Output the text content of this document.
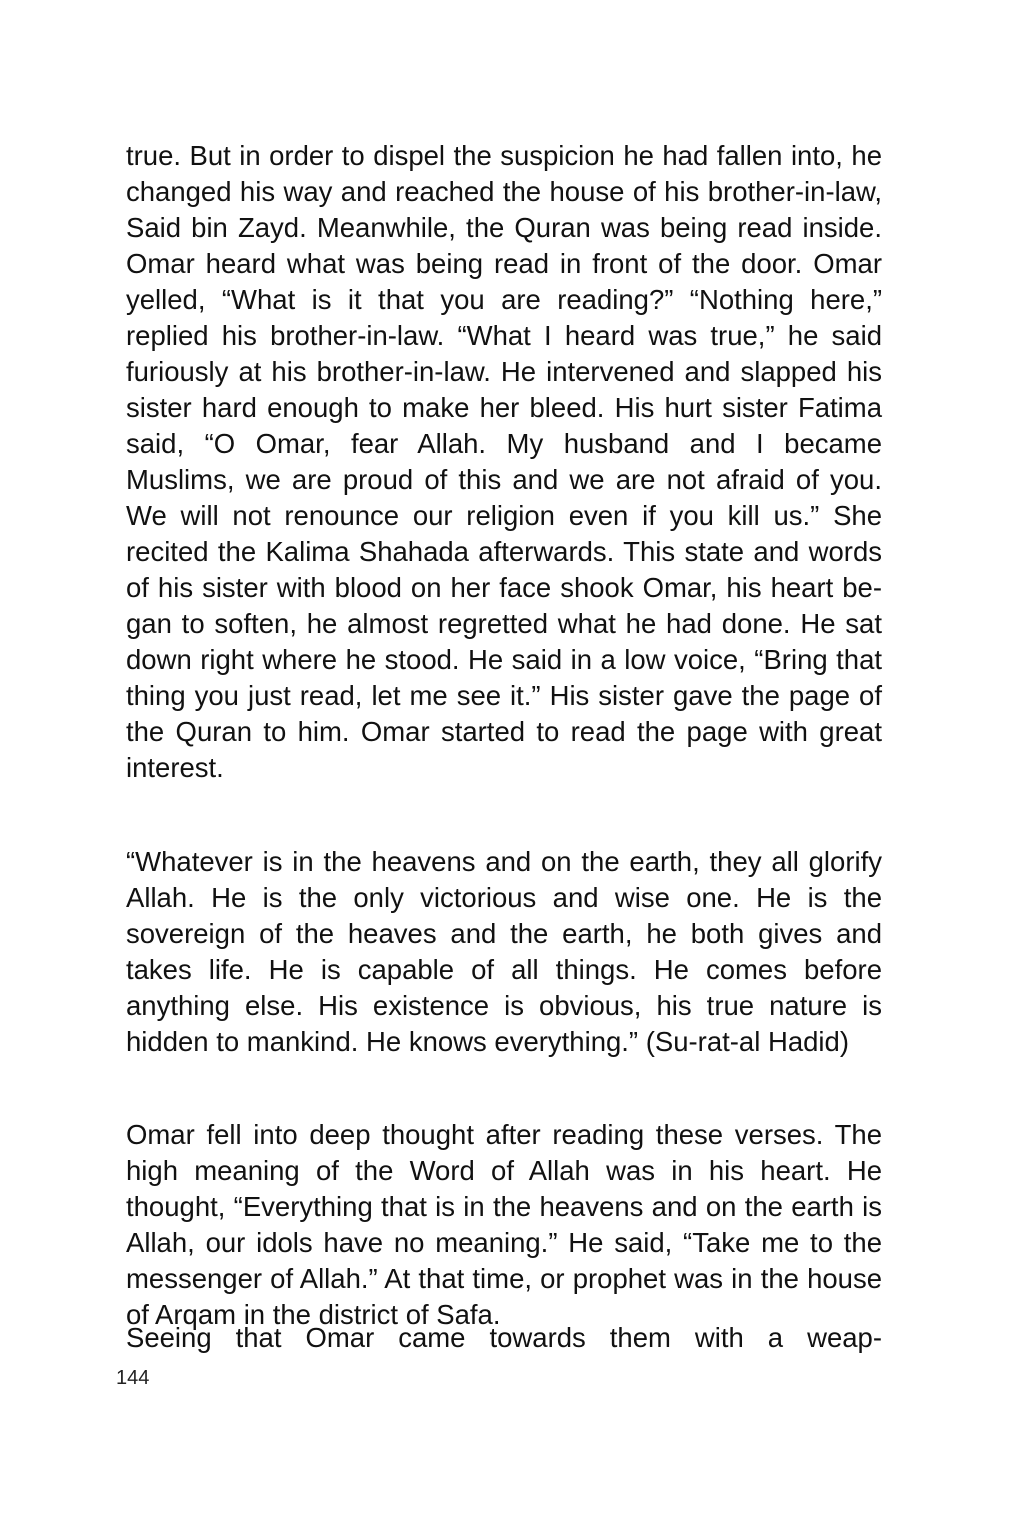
true. But in order to dispel the suspicion he had fallen into, he changed his way and reached the house of his brother-in-law, Said bin Zayd. Meanwhile, the Quran was being read inside. Omar heard what was being read in front of the door. Omar yelled, “What is it that you are reading?” “Nothing here,” replied his brother-in-law. “What I heard was true,” he said furiously at his brother-in-law. He intervened and slapped his sister hard enough to make her bleed. His hurt sister Fatima said, “O Omar, fear Allah. My husband and I became Muslims, we are proud of this and we are not afraid of you. We will not renounce our religion even if you kill us.” She recited the Kalima Shahada afterwards. This state and words of his sister with blood on her face shook Omar, his heart be-gan to soften, he almost regretted what he had done. He sat down right where he stood. He said in a low voice, “Bring that thing you just read, let me see it.” His sister gave the page of the Quran to him. Omar started to read the page with great interest.

“Whatever is in the heavens and on the earth, they all glorify Allah. He is the only victorious and wise one. He is the sovereign of the heaves and the earth, he both gives and takes life. He is capable of all things. He comes before anything else. His existence is obvious, his true nature is hidden to mankind. He knows everything.” (Su-rat-al Hadid)

Omar fell into deep thought after reading these verses. The high meaning of the Word of Allah was in his heart. He thought, “Everything that is in the heavens and on the earth is Allah, our idols have no meaning.” He said, “Take me to the messenger of Allah.” At that time, or prophet was in the house of Arqam in the district of Safa.

Seeing that Omar came towards them with a weap-

144
